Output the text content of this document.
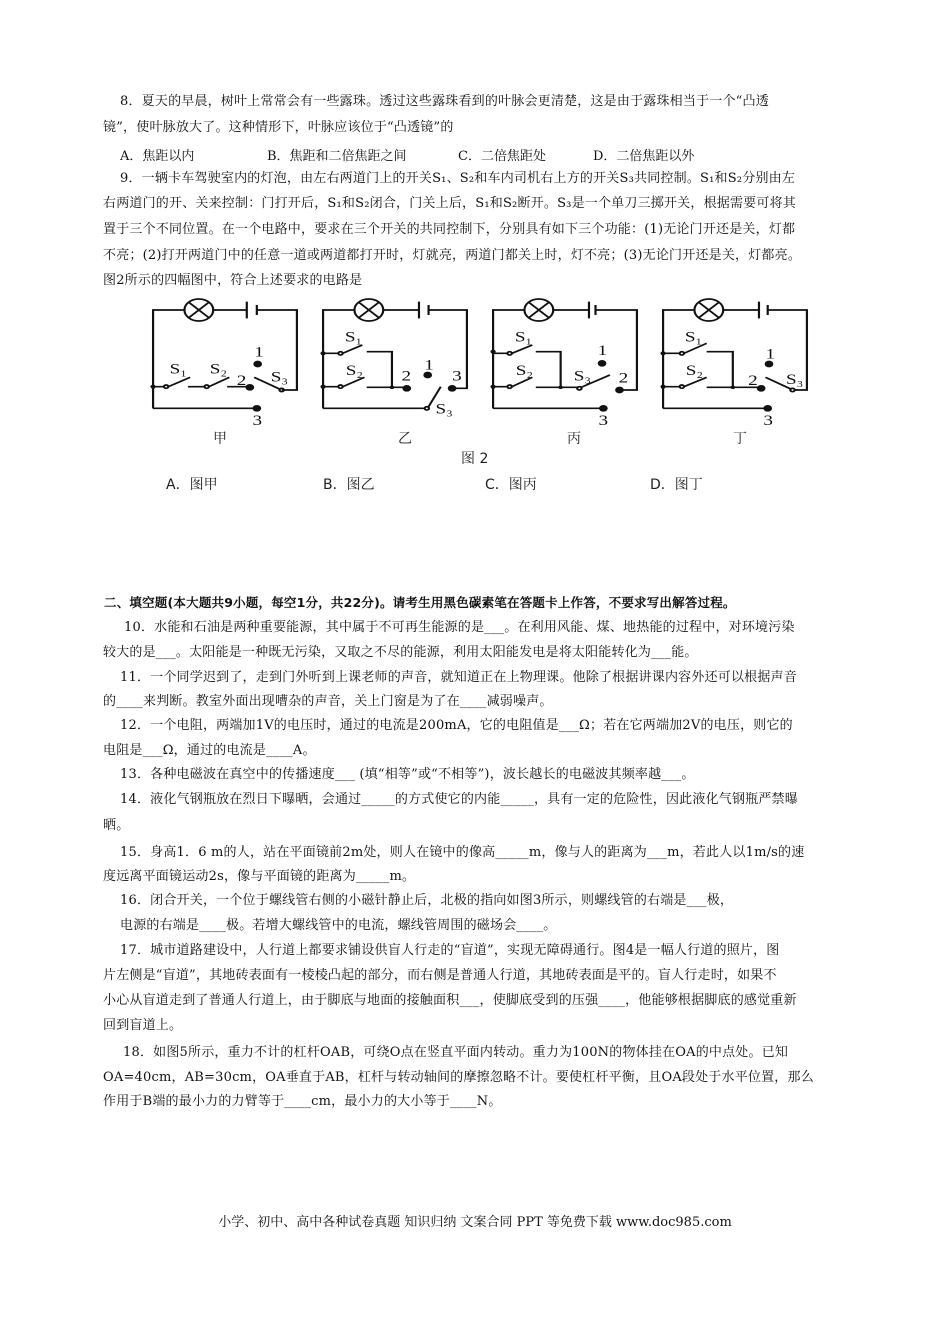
8．夏天的早晨，树叶上常常会有一些露珠。透过这些露珠看到的叶脉会更清楚，这是由于露珠相当于一个“凸透
镜”，使叶脉放大了。这种情形下，叶脉应该位于“凸透镜”的
A．焦距以内	B．焦距和二倍焦距之间	C．二倍焦距处	D．二倍焦距以外
9．一辆卡车驾驶室内的灯泡，由左右两道门上的开关S₁、S₂和车内司机右上方的开关S₃共同控制。S₁和S₂分别由左
右两道门的开、关来控制：门打开后，S₁和S₂闭合，门关上后，S₁和S₂断开。S₃是一个单刀三掷开关，根据需要可将其
置于三个不同位置。在一个电路中，要求在三个开关的共同控制下，分别具有如下三个功能：(1)无论门开还是关，灯都
不亮；(2)打开两道门中的任意一道或两道都打开时，灯就亮，两道门都关上时，灯不亮；(3)无论门开还是关，灯都亮。
图2所示的四幅图中，符合上述要求的电路是
S₁ S₂
1
2 S₃
3
S₁
S₂ 1
2 3
S₃
S₁
S₂ S₃
1
2
3
S₁
S₂
1
2 S₃
3
甲	乙	丙	丁
图 2
A．图甲	B．图乙	C．图丙	D．图丁
二、填空题(本大题共9小题，每空1分，共22分)。请考生用黑色碳素笔在答题卡上作答，不要求写出解答过程。
10．水能和石油是两种重要能源，其中属于不可再生能源的是___。在利用风能、煤、地热能的过程中，对环境污染
较大的是___。太阳能是一种既无污染，又取之不尽的能源，利用太阳能发电是将太阳能转化为___能。
11．一个同学迟到了，走到门外听到上课老师的声音，就知道正在上物理课。他除了根据讲课内容外还可以根据声音
的____来判断。教室外面出现嘈杂的声音，关上门窗是为了在____减弱噪声。
12．一个电阻，两端加1V的电压时，通过的电流是200mA，它的电阻值是___Ω；若在它两端加2V的电压，则它的
电阻是___Ω，通过的电流是____A。
13．各种电磁波在真空中的传播速度___ (填“相等”或“不相等”)，波长越长的电磁波其频率越___。
14．液化气钢瓶放在烈日下曝晒，会通过_____的方式使它的内能_____，具有一定的危险性，因此液化气钢瓶严禁曝
晒。
15．身高1．6 m的人，站在平面镜前2m处，则人在镜中的像高_____m，像与人的距离为___m，若此人以1m/s的速
度远离平面镜运动2s，像与平面镜的距离为_____m。
16．闭合开关，一个位于螺线管右侧的小磁针静止后，北极的指向如图3所示，则螺线管的右端是___极，
电源的右端是____极。若增大螺线管中的电流，螺线管周围的磁场会____。
17．城市道路建设中，人行道上都要求铺设供盲人行走的“盲道”，实现无障碍通行。图4是一幅人行道的照片，图
片左侧是“盲道”，其地砖表面有一棱棱凸起的部分，而右侧是普通人行道，其地砖表面是平的。盲人行走时，如果不
小心从盲道走到了普通人行道上，由于脚底与地面的接触面积___，使脚底受到的压强____，他能够根据脚底的感觉重新
回到盲道上。
18．如图5所示，重力不计的杠杆OAB，可绕O点在竖直平面内转动。重力为100N的物体挂在OA的中点处。已知
OA=40cm，AB=30cm，OA垂直于AB，杠杆与转动轴间的摩擦忽略不计。要使杠杆平衡，且OA段处于水平位置，那么
作用于B端的最小力的力臂等于____cm，最小力的大小等于____N。
小学、初中、高中各种试卷真题 知识归纳 文案合同 PPT 等免费下载 www.doc985.com
